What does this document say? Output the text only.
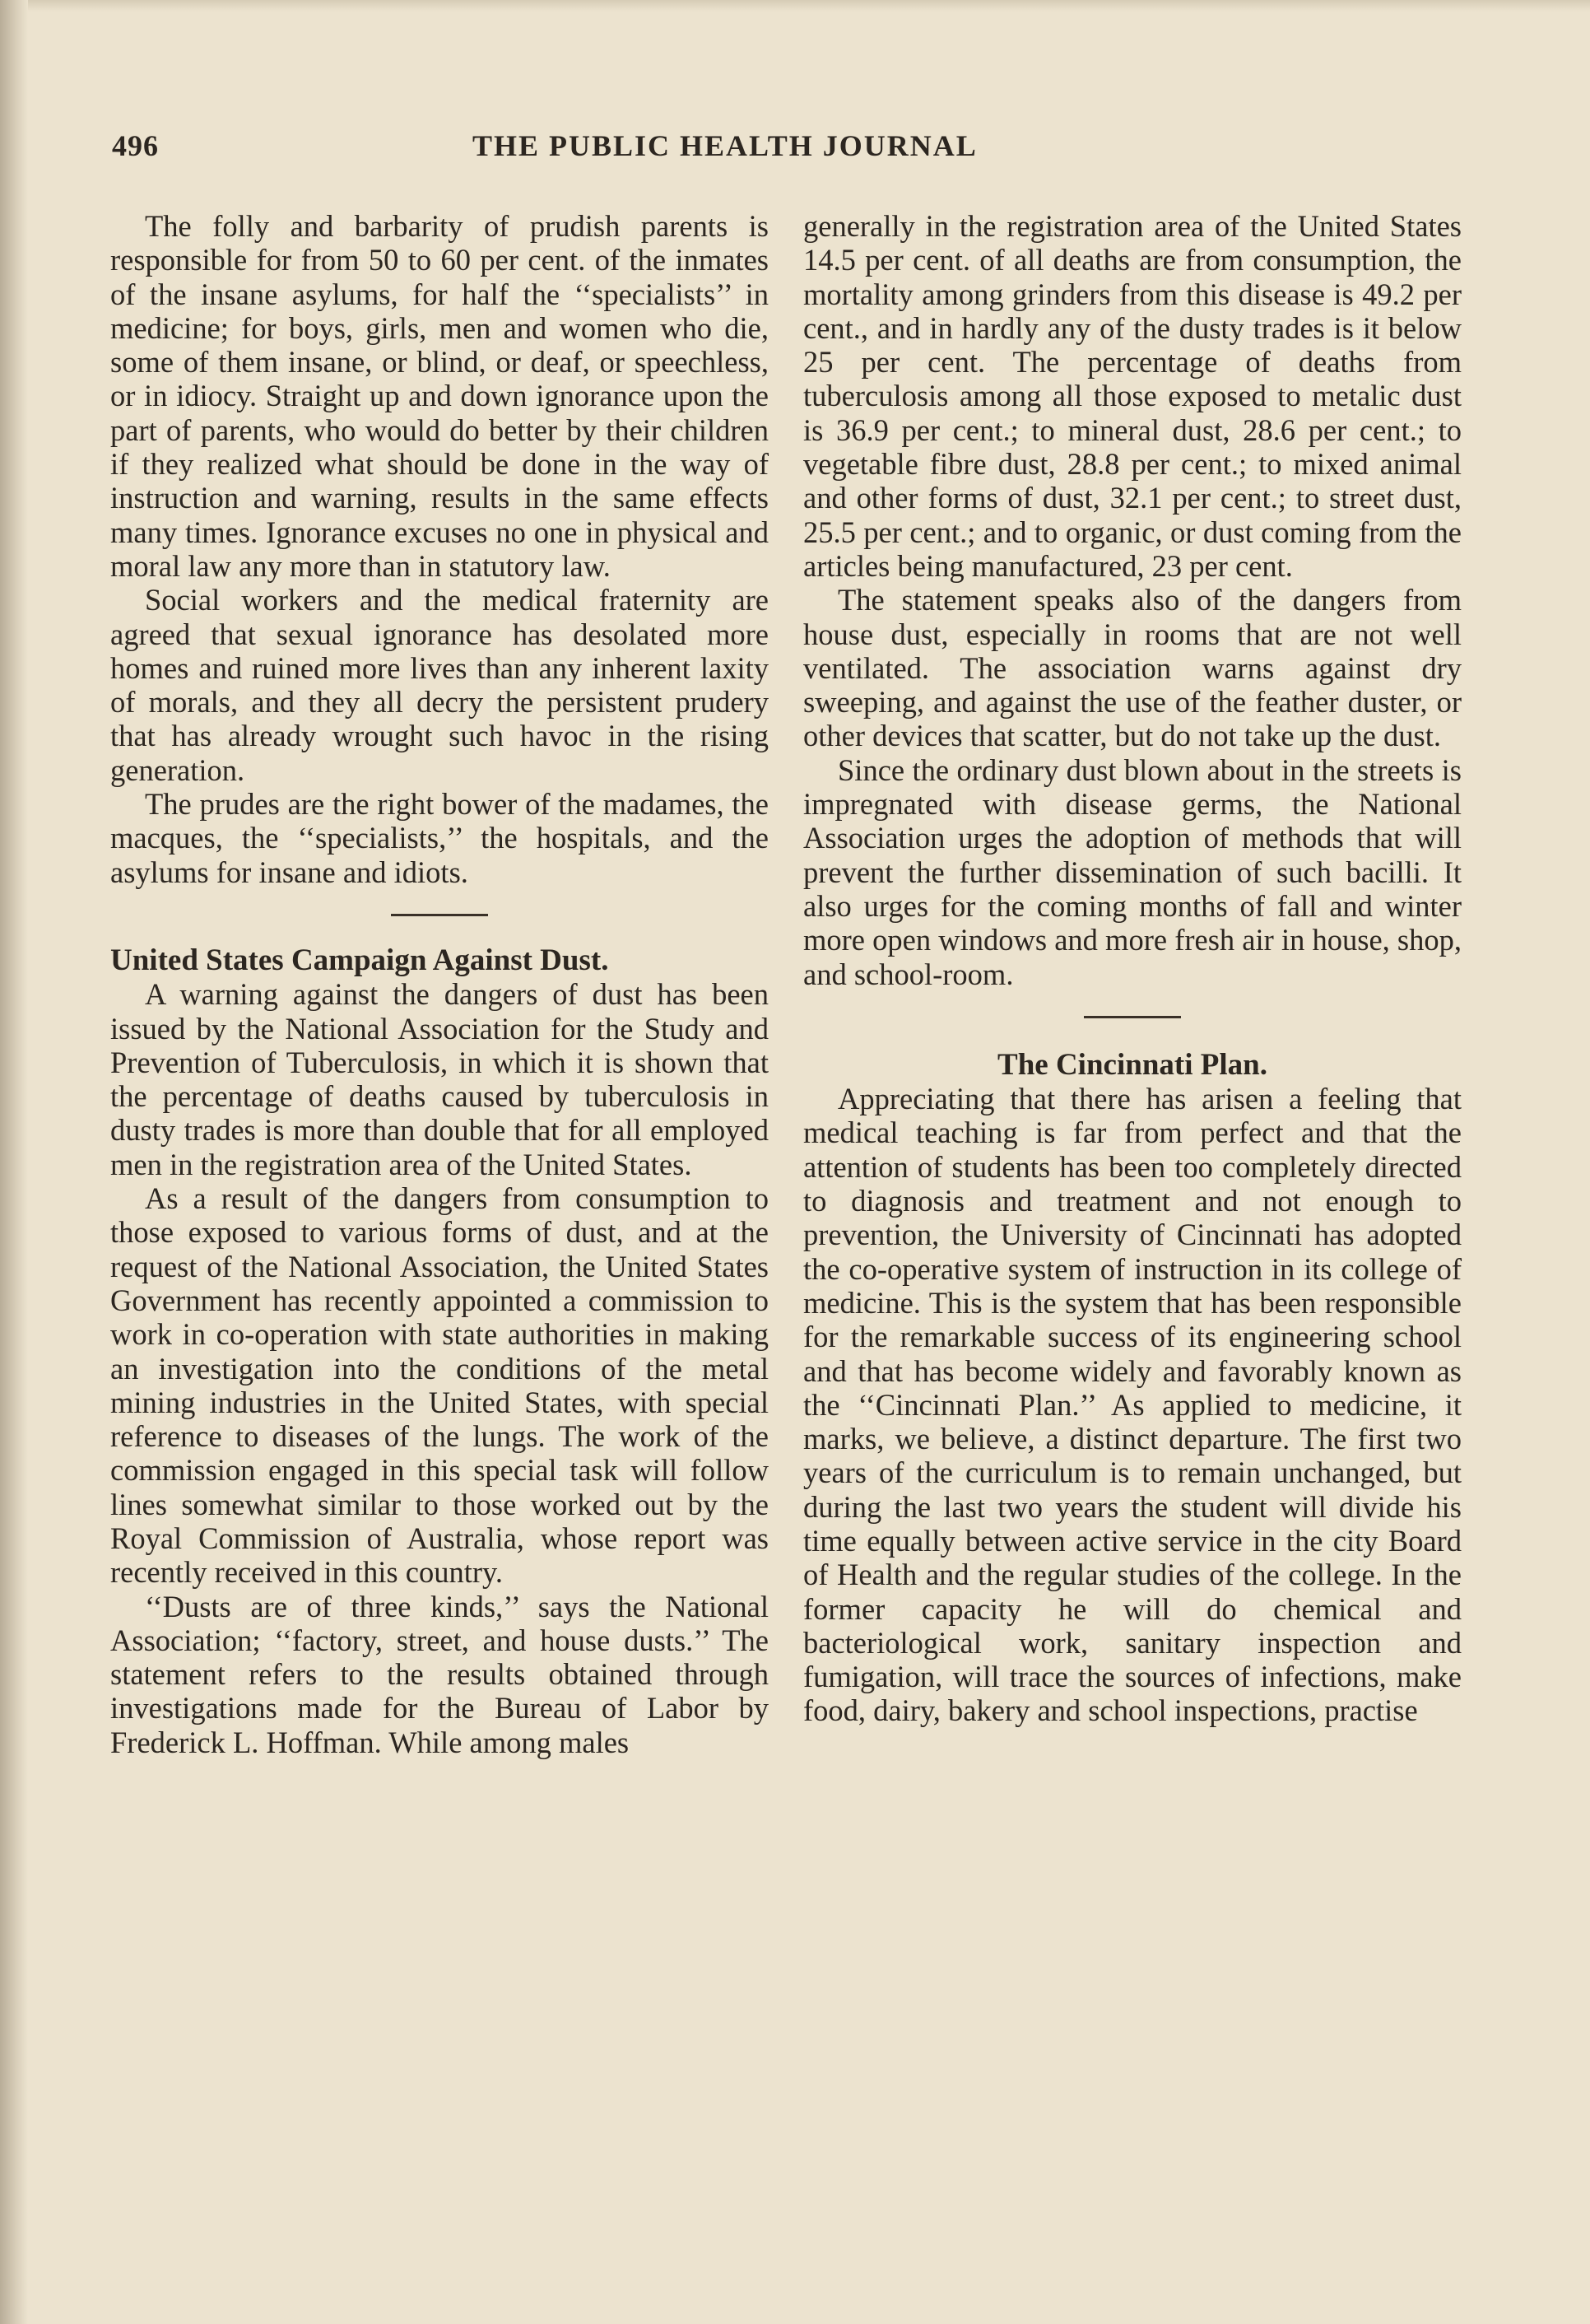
496	THE PUBLIC HEALTH JOURNAL

The folly and barbarity of prudish parents is responsible for from 50 to 60 per cent. of the inmates of the insane asylums, for half the ‘‘specialists’’ in medicine; for boys, girls, men and women who die, some of them insane, or blind, or deaf, or speechless, or in idiocy. Straight up and down ignorance upon the part of parents, who would do better by their children if they realized what should be done in the way of instruction and warning, results in the same effects many times. Ignorance excuses no one in physical and moral law any more than in statutory law.

Social workers and the medical fraternity are agreed that sexual ignorance has desolated more homes and ruined more lives than any inherent laxity of morals, and they all decry the persistent prudery that has already wrought such havoc in the rising generation.

The prudes are the right bower of the madames, the macques, the ‘‘specialists,’’ the hospitals, and the asylums for insane and idiots.

United States Campaign Against Dust.

A warning against the dangers of dust has been issued by the National Association for the Study and Prevention of Tuberculosis, in which it is shown that the percentage of deaths caused by tuberculosis in dusty trades is more than double that for all employed men in the registration area of the United States.

As a result of the dangers from consumption to those exposed to various forms of dust, and at the request of the National Association, the United States Government has recently appointed a commission to work in co-operation with state authorities in making an investigation into the conditions of the metal mining industries in the United States, with special reference to diseases of the lungs. The work of the commission engaged in this special task will follow lines somewhat similar to those worked out by the Royal Commission of Australia, whose report was recently received in this country.

‘‘Dusts are of three kinds,’’ says the National Association; ‘‘factory, street, and house dusts.’’ The statement refers to the results obtained through investigations made for the Bureau of Labor by Frederick L. Hoffman. While among males

generally in the registration area of the United States 14.5 per cent. of all deaths are from consumption, the mortality among grinders from this disease is 49.2 per cent., and in hardly any of the dusty trades is it below 25 per cent. The percentage of deaths from tuberculosis among all those exposed to metalic dust is 36.9 per cent.; to mineral dust, 28.6 per cent.; to vegetable fibre dust, 28.8 per cent.; to mixed animal and other forms of dust, 32.1 per cent.; to street dust, 25.5 per cent.; and to organic, or dust coming from the articles being manufactured, 23 per cent.

The statement speaks also of the dangers from house dust, especially in rooms that are not well ventilated. The association warns against dry sweeping, and against the use of the feather duster, or other devices that scatter, but do not take up the dust.

Since the ordinary dust blown about in the streets is impregnated with disease germs, the National Association urges the adoption of methods that will prevent the further dissemination of such bacilli. It also urges for the coming months of fall and winter more open windows and more fresh air in house, shop, and school-room.

The Cincinnati Plan.

Appreciating that there has arisen a feeling that medical teaching is far from perfect and that the attention of students has been too completely directed to diagnosis and treatment and not enough to prevention, the University of Cincinnati has adopted the co-operative system of instruction in its college of medicine. This is the system that has been responsible for the remarkable success of its engineering school and that has become widely and favorably known as the ‘‘Cincinnati Plan.’’ As applied to medicine, it marks, we believe, a distinct departure. The first two years of the curriculum is to remain unchanged, but during the last two years the student will divide his time equally between active service in the city Board of Health and the regular studies of the college. In the former capacity he will do chemical and bacteriological work, sanitary inspection and fumigation, will trace the sources of infections, make food, dairy, bakery and school inspections, practise
